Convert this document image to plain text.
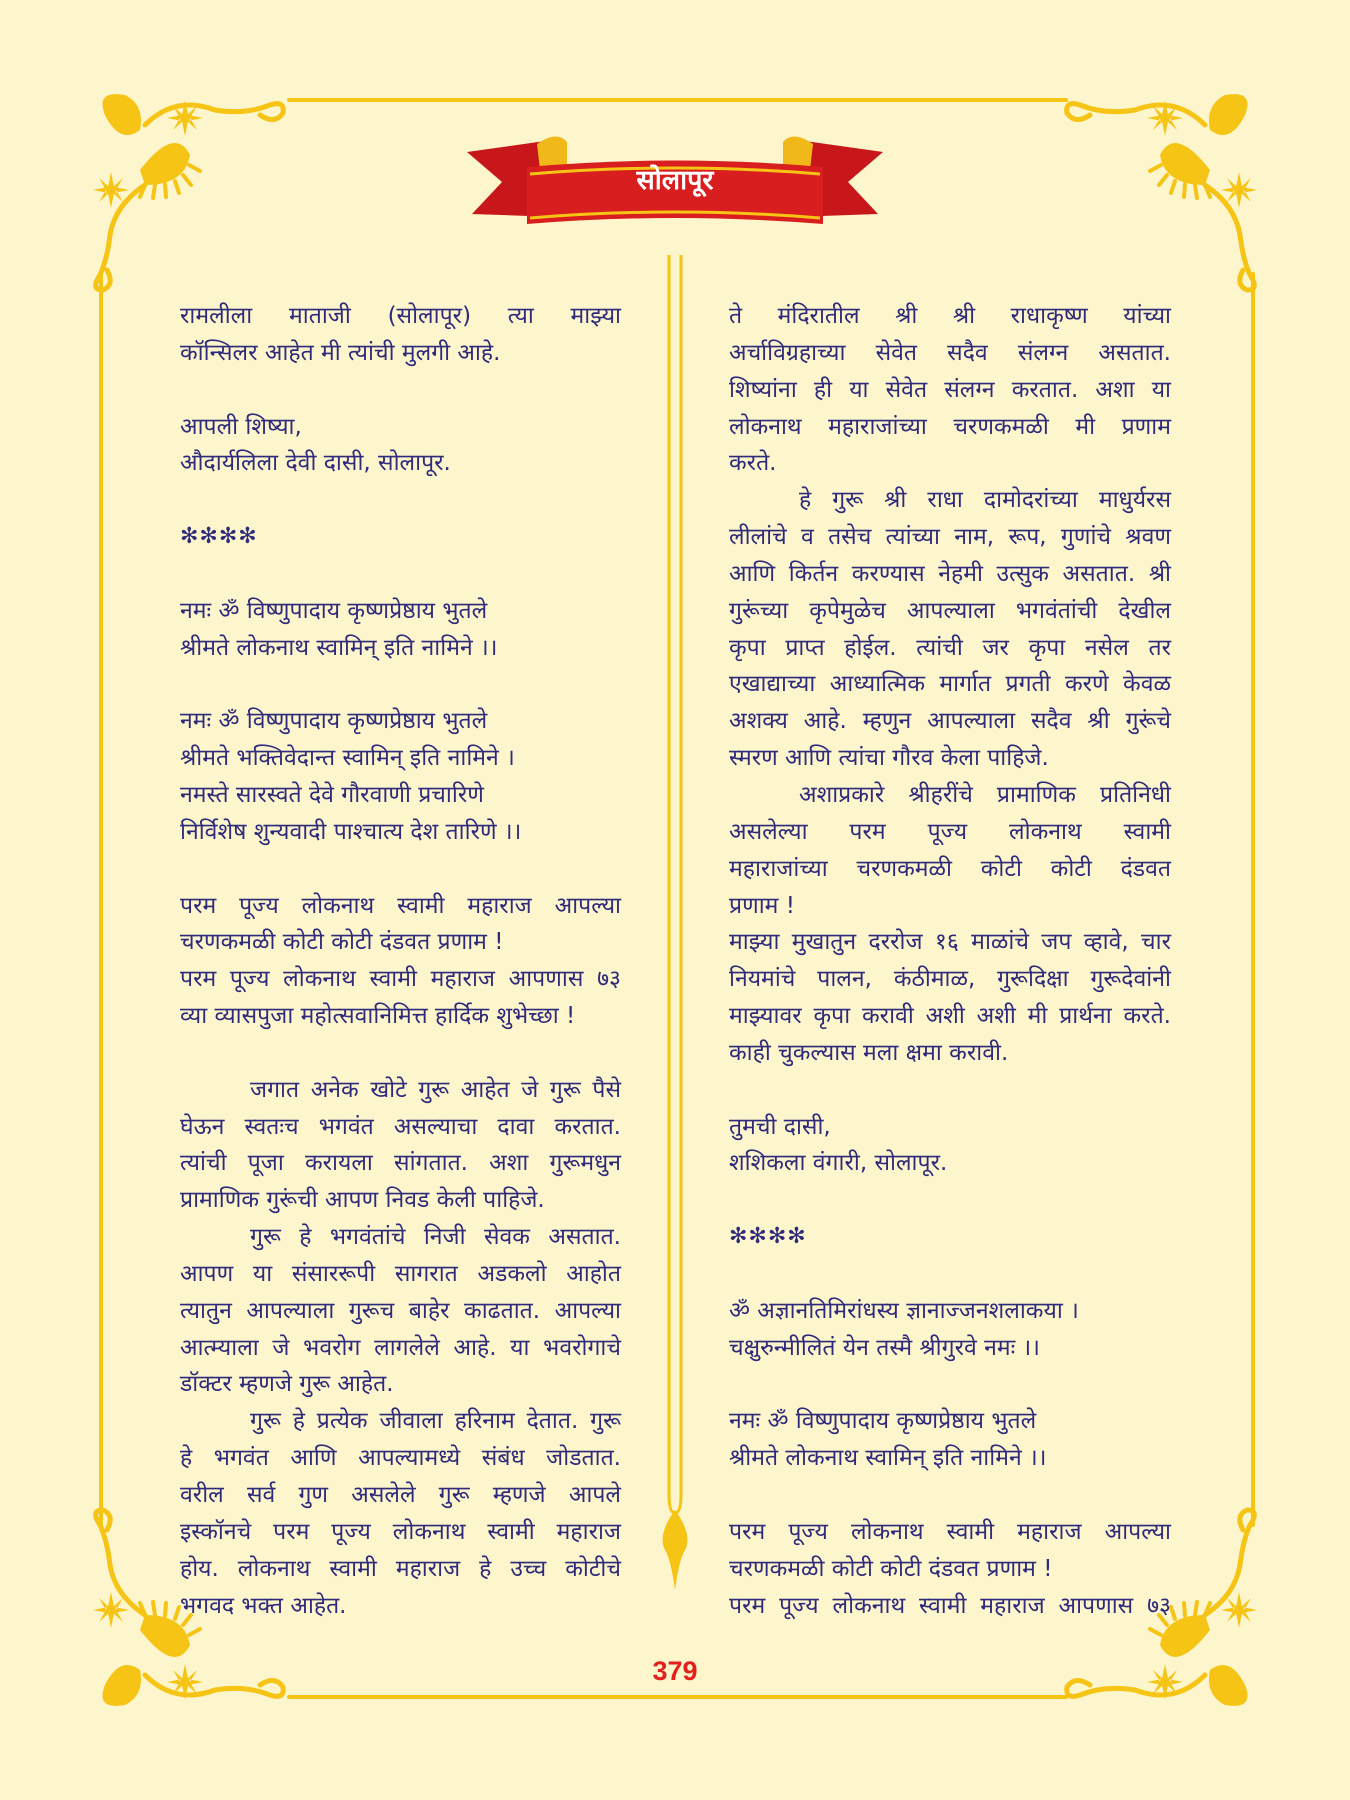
सोलापूर
रामलीला माताजी (सोलापूर) त्या माझ्या
कॉन्सिलर आहेत मी त्यांची मुलगी आहे.
आपली शिष्या,
औदार्यलिला देवी दासी, सोलापूर.
✻✻✻✻
नमः ॐ विष्णुपादाय कृष्णप्रेष्ठाय भुतले
श्रीमते लोकनाथ स्वामिन् इति नामिने ।।
नमः ॐ विष्णुपादाय कृष्णप्रेष्ठाय भुतले
श्रीमते भक्तिवेदान्त स्वामिन् इति नामिने ।
नमस्ते सारस्वते देवे गौरवाणी प्रचारिणे
निर्विशेष शुन्यवादी पाश्चात्य देश तारिणे ।।
परम पूज्य लोकनाथ स्वामी महाराज आपल्या
चरणकमळी कोटी कोटी दंडवत प्रणाम !
परम पूज्य लोकनाथ स्वामी महाराज आपणास ७३
व्या व्यासपुजा महोत्सवानिमित्त हार्दिक शुभेच्छा !
जगात अनेक खोटे गुरू आहेत जे गुरू पैसे
घेऊन स्वतःच भगवंत असल्याचा दावा करतात.
त्यांची पूजा करायला सांगतात. अशा गुरूमधुन
प्रामाणिक गुरूंची आपण निवड केली पाहिजे.
गुरू हे भगवंतांचे निजी सेवक असतात.
आपण या संसाररूपी सागरात अडकलो आहोत
त्यातुन आपल्याला गुरूच बाहेर काढतात. आपल्या
आत्म्याला जे भवरोग लागलेले आहे. या भवरोगाचे
डॉक्टर म्हणजे गुरू आहेत.
गुरू हे प्रत्येक जीवाला हरिनाम देतात. गुरू
हे भगवंत आणि आपल्यामध्ये संबंध जोडतात.
वरील सर्व गुण असलेले गुरू म्हणजे आपले
इस्कॉनचे परम पूज्य लोकनाथ स्वामी महाराज
होय. लोकनाथ स्वामी महाराज हे उच्च कोटीचे
भगवद भक्त आहेत.
ते मंदिरातील श्री श्री राधाकृष्ण यांच्या
अर्चाविग्रहाच्या सेवेत सदैव संलग्न असतात.
शिष्यांना ही या सेवेत संलग्न करतात. अशा या
लोकनाथ महाराजांच्या चरणकमळी मी प्रणाम
करते.
हे गुरू श्री राधा दामोदरांच्या माधुर्यरस
लीलांचे व तसेच त्यांच्या नाम, रूप, गुणांचे श्रवण
आणि किर्तन करण्यास नेहमी उत्सुक असतात. श्री
गुरूंच्या कृपेमुळेच आपल्याला भगवंतांची देखील
कृपा प्राप्त होईल. त्यांची जर कृपा नसेल तर
एखाद्याच्या आध्यात्मिक मार्गात प्रगती करणे केवळ
अशक्य आहे. म्हणुन आपल्याला सदैव श्री गुरूंचे
स्मरण आणि त्यांचा गौरव केला पाहिजे.
अशाप्रकारे श्रीहरींचे प्रामाणिक प्रतिनिधी
असलेल्या परम पूज्य लोकनाथ स्वामी
महाराजांच्या चरणकमळी कोटी कोटी दंडवत
प्रणाम !
माझ्या मुखातुन दररोज १६ माळांचे जप व्हावे, चार
नियमांचे पालन, कंठीमाळ, गुरूदिक्षा गुरूदेवांनी
माझ्यावर कृपा करावी अशी अशी मी प्रार्थना करते.
काही चुकल्यास मला क्षमा करावी.
तुमची दासी,
शशिकला वंगारी, सोलापूर.
✻✻✻✻
ॐ अज्ञानतिमिरांधस्य ज्ञानाज्जनशलाकया ।
चक्षुरुन्मीलितं येन तस्मै श्रीगुरवे नमः ।।
नमः ॐ विष्णुपादाय कृष्णप्रेष्ठाय भुतले
श्रीमते लोकनाथ स्वामिन् इति नामिने ।।
परम पूज्य लोकनाथ स्वामी महाराज आपल्या
चरणकमळी कोटी कोटी दंडवत प्रणाम !
परम पूज्य लोकनाथ स्वामी महाराज आपणास ७३
379
